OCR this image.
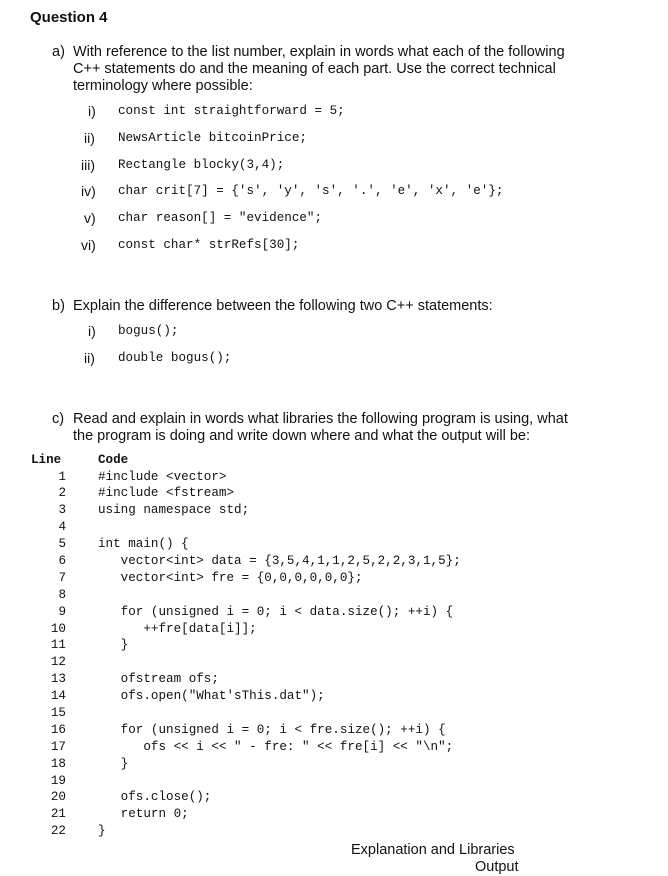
Question 4
a) With reference to the list number, explain in words what each of the following
C++ statements do and the meaning of each part. Use the correct technical
terminology where possible:
i) const int straightforward = 5;
ii) NewsArticle bitcoinPrice;
iii) Rectangle blocky(3,4);
iv) char crit[7] = {'s', 'y', 's', '.', 'e', 'x', 'e'};
v) char reason[] = "evidence";
vi) const char* strRefs[30];
b) Explain the difference between the following two C++ statements:
i) bogus();
ii) double bogus();
c) Read and explain in words what libraries the following program is using, what
the program is doing and write down where and what the output will be:
Line	Code
1	#include <vector>
2	#include <fstream>
3	using namespace std;
4
5	int main() {
6	vector<int> data = {3,5,4,1,1,2,5,2,2,3,1,5};
7	vector<int> fre = {0,0,0,0,0,0};
8
9	for (unsigned i = 0; i < data.size(); ++i) {
10	++fre[data[i]];
11	}
12
13	ofstream ofs;
14	ofs.open("What'sThis.dat");
15
16	for (unsigned i = 0; i < fre.size(); ++i) {
17	ofs << i << " - fre: " << fre[i] << "\n";
18	}
19
20	ofs.close();
21	return 0;
22	}
Explanation and Libraries
Output
